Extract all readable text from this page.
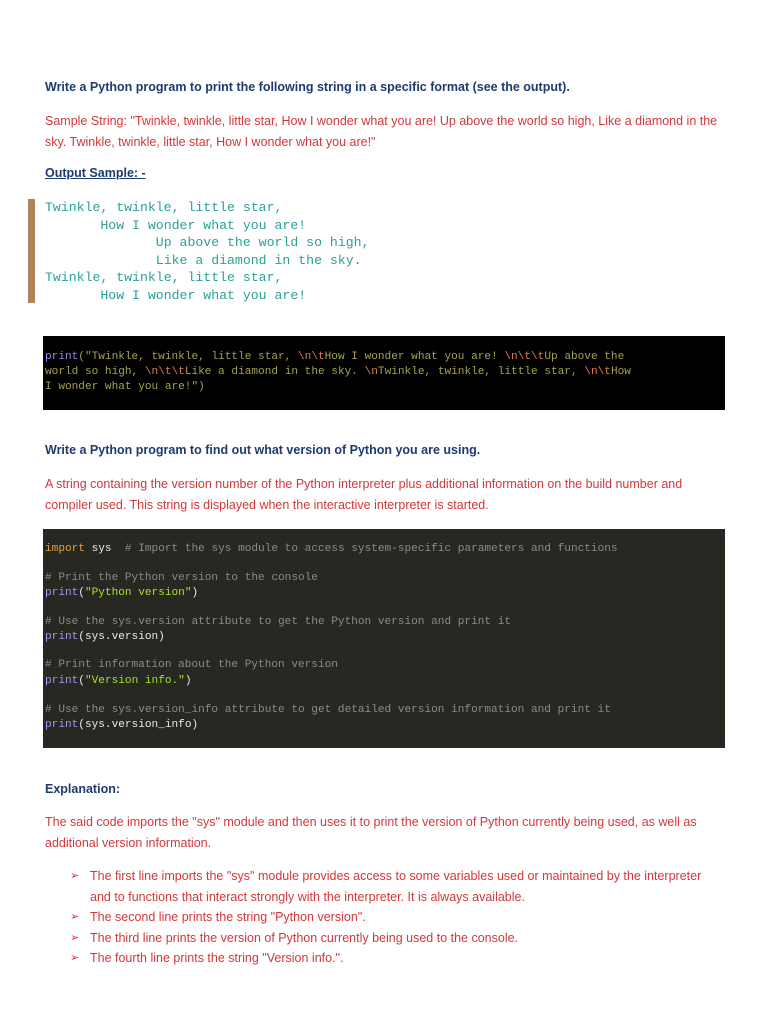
Write a Python program to print the following string in a specific format (see the output).
Sample String: "Twinkle, twinkle, little star, How I wonder what you are! Up above the world so high, Like a diamond in the sky. Twinkle, twinkle, little star, How I wonder what you are!"
Output Sample: -
Twinkle, twinkle, little star,
How I wonder what you are!
Up above the world so high,
Like a diamond in the sky.
Twinkle, twinkle, little star,
How I wonder what you are!
print("Twinkle, twinkle, little star, \n\tHow I wonder what you are! \n\t\tUp above the
world so high, \n\t\tLike a diamond in the sky. \nTwinkle, twinkle, little star, \n\tHow
I wonder what you are!")
Write a Python program to find out what version of Python you are using.
A string containing the version number of the Python interpreter plus additional information on the build number and compiler used. This string is displayed when the interactive interpreter is started.
import sys  # Import the sys module to access system-specific parameters and functions
# Print the Python version to the console
print("Python version")
# Use the sys.version attribute to get the Python version and print it
print(sys.version)
# Print information about the Python version
print("Version info.")
# Use the sys.version_info attribute to get detailed version information and print it
print(sys.version_info)
Explanation:
The said code imports the "sys" module and then uses it to print the version of Python currently being used, as well as additional version information.
➢ The first line imports the "sys" module provides access to some variables used or maintained by the interpreter and to functions that interact strongly with the interpreter. It is always available.
➢ The second line prints the string "Python version".
➢ The third line prints the version of Python currently being used to the console.
➢ The fourth line prints the string "Version info.".
